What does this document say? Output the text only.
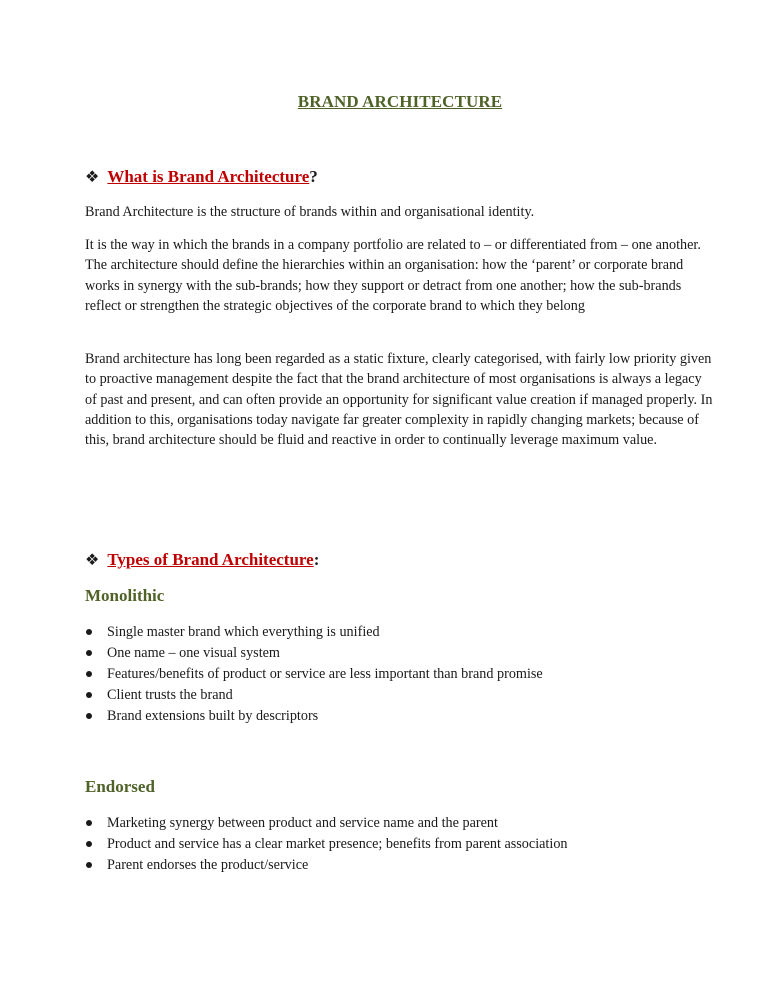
BRAND ARCHITECTURE
❖ What is Brand Architecture?
Brand Architecture is the structure of brands within and organisational identity.
It is the way in which the brands in a company portfolio are related to – or differentiated from – one another. The architecture should define the hierarchies within an organisation: how the ‘parent’ or corporate brand works in synergy with the sub-brands; how they support or detract from one another; how the sub-brands reflect or strengthen the strategic objectives of the corporate brand to which they belong
Brand architecture has long been regarded as a static fixture, clearly categorised, with fairly low priority given to proactive management despite the fact that the brand architecture of most organisations is always a legacy of past and present, and can often provide an opportunity for significant value creation if managed properly. In addition to this, organisations today navigate far greater complexity in rapidly changing markets; because of this, brand architecture should be fluid and reactive in order to continually leverage maximum value.
❖ Types of Brand Architecture:
Monolithic
Single master brand which everything is unified
One name – one visual system
Features/benefits of product or service are less important than brand promise
Client trusts the brand
Brand extensions built by descriptors
Endorsed
Marketing synergy between product and service name and the parent
Product and service has a clear market presence; benefits from parent association
Parent endorses the product/service
